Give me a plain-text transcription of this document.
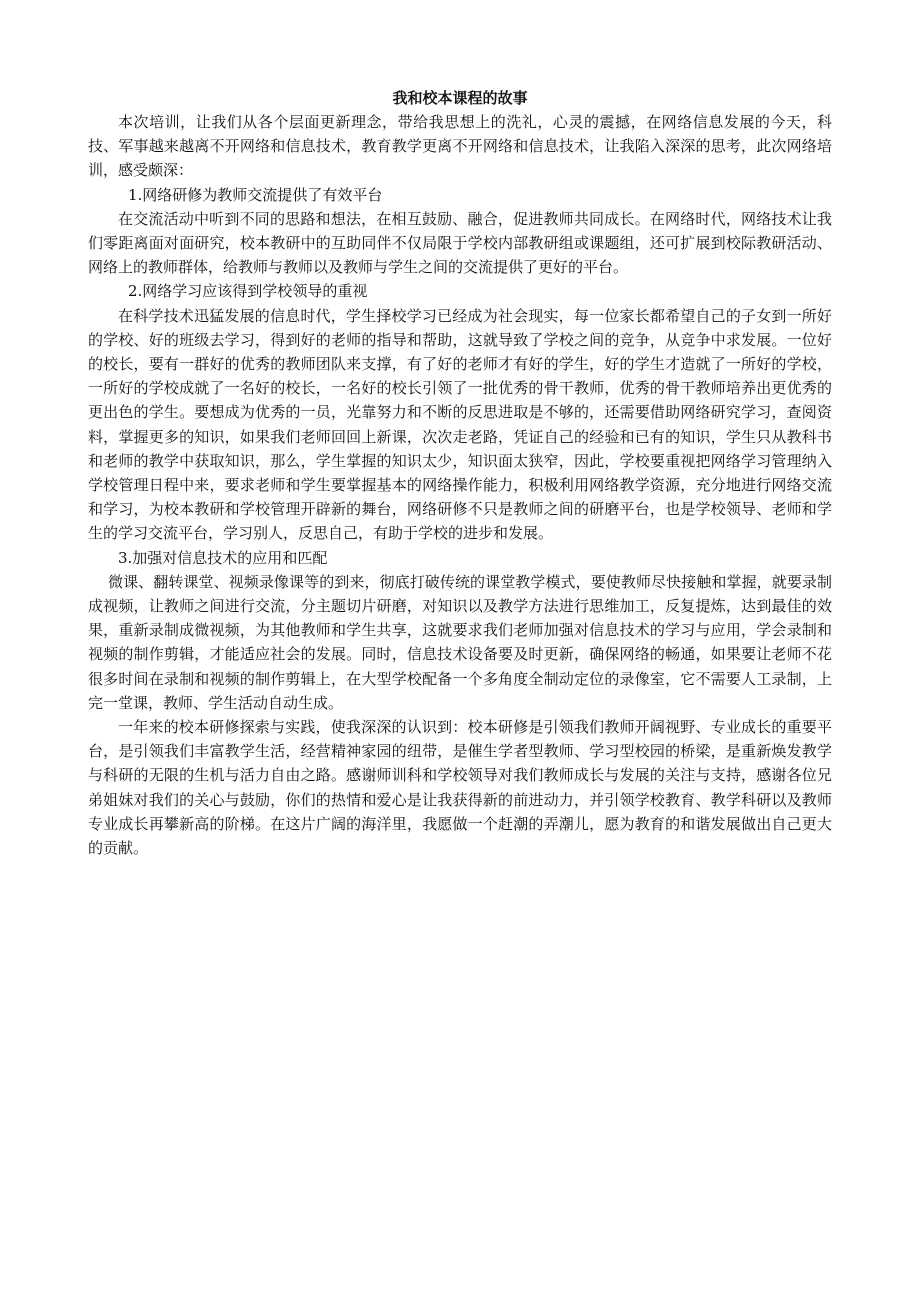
我和校本课程的故事

本次培训，让我们从各个层面更新理念，带给我思想上的洗礼，心灵的震撼，在网络信息发展的今天，科技、军事越来越离不开网络和信息技术，教育教学更离不开网络和信息技术，让我陷入深深的思考，此次网络培训，感受颇深：

1.网络研修为教师交流提供了有效平台

在交流活动中听到不同的思路和想法，在相互鼓励、融合，促进教师共同成长。在网络时代，网络技术让我们零距离面对面研究，校本教研中的互助同伴不仅局限于学校内部教研组或课题组，还可扩展到校际教研活动、网络上的教师群体，给教师与教师以及教师与学生之间的交流提供了更好的平台。

2.网络学习应该得到学校领导的重视

在科学技术迅猛发展的信息时代，学生择校学习已经成为社会现实，每一位家长都希望自己的子女到一所好的学校、好的班级去学习，得到好的老师的指导和帮助，这就导致了学校之间的竞争，从竞争中求发展。一位好的校长，要有一群好的优秀的教师团队来支撑，有了好的老师才有好的学生，好的学生才造就了一所好的学校，一所好的学校成就了一名好的校长，一名好的校长引领了一批优秀的骨干教师，优秀的骨干教师培养出更优秀的更出色的学生。要想成为优秀的一员，光靠努力和不断的反思进取是不够的，还需要借助网络研究学习，查阅资料，掌握更多的知识，如果我们老师回回上新课，次次走老路，凭证自己的经验和已有的知识，学生只从教科书和老师的教学中获取知识，那么，学生掌握的知识太少，知识面太狭窄，因此，学校要重视把网络学习管理纳入学校管理日程中来，要求老师和学生要掌握基本的网络操作能力，积极利用网络教学资源，充分地进行网络交流和学习，为校本教研和学校管理开辟新的舞台，网络研修不只是教师之间的研磨平台，也是学校领导、老师和学生的学习交流平台，学习别人，反思自己，有助于学校的进步和发展。

3.加强对信息技术的应用和匹配

微课、翻转课堂、视频录像课等的到来，彻底打破传统的课堂教学模式，要使教师尽快接触和掌握，就要录制成视频，让教师之间进行交流，分主题切片研磨，对知识以及教学方法进行思维加工，反复提炼，达到最佳的效果，重新录制成微视频，为其他教师和学生共享，这就要求我们老师加强对信息技术的学习与应用，学会录制和视频的制作剪辑，才能适应社会的发展。同时，信息技术设备要及时更新，确保网络的畅通，如果要让老师不花很多时间在录制和视频的制作剪辑上，在大型学校配备一个多角度全制动定位的录像室，它不需要人工录制，上完一堂课，教师、学生活动自动生成。

一年来的校本研修探索与实践，使我深深的认识到：校本研修是引领我们教师开阔视野、专业成长的重要平台，是引领我们丰富教学生活，经营精神家园的纽带，是催生学者型教师、学习型校园的桥梁，是重新焕发教学与科研的无限的生机与活力自由之路。感谢师训科和学校领导对我们教师成长与发展的关注与支持，感谢各位兄弟姐妹对我们的关心与鼓励，你们的热情和爱心是让我获得新的前进动力，并引领学校教育、教学科研以及教师专业成长再攀新高的阶梯。在这片广阔的海洋里，我愿做一个赶潮的弄潮儿，愿为教育的和谐发展做出自己更大的贡献。
